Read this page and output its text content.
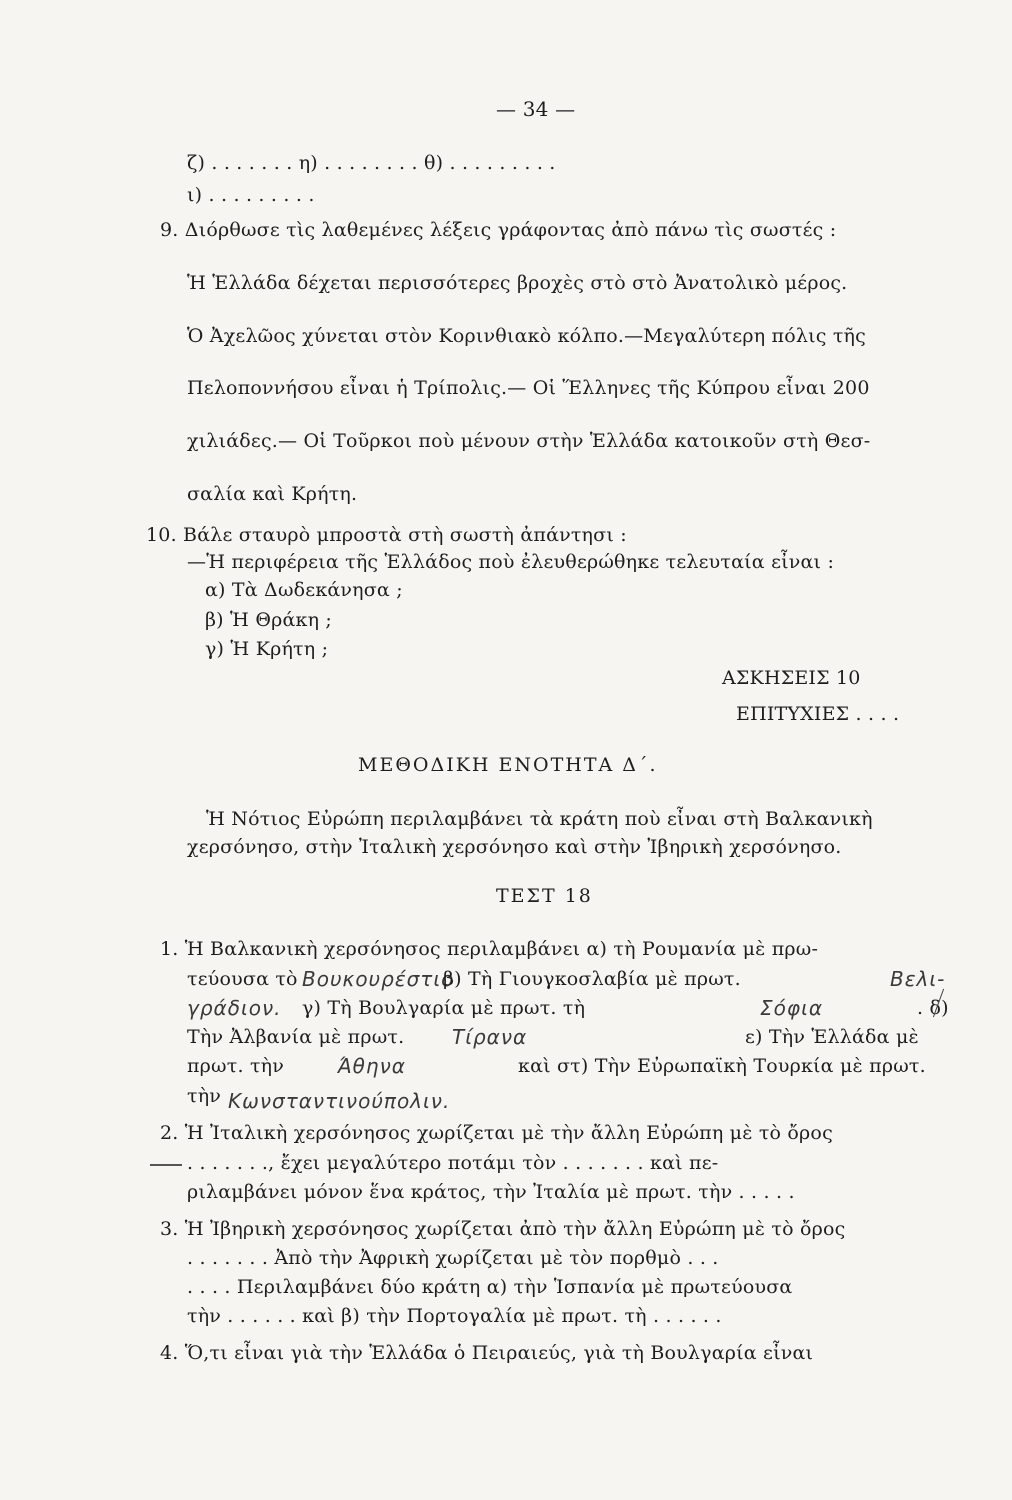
— 34 —
ζ) . . . . . . . η) . . . . . . . . θ) . . . . . . . . .
ι) . . . . . . . . .
9. Διόρθωσε τὶς λαθεμένες λέξεις γράφοντας ἀπὸ πάνω τὶς σωστές :
Ἡ Ἑλλάδα δέχεται περισσότερες βροχὲς στὸ στὸ Ἀνατολικὸ μέρος.
Ὁ Ἀχελῶος χύνεται στὸν Κορινθιακὸ κόλπο.—Μεγαλύτερη πόλις τῆς
Πελοποννήσου εἶναι ἡ Τρίπολις.— Οἱ Ἕλληνες τῆς Κύπρου εἶναι 200
χιλιάδες.— Οἱ Τοῦρκοι ποὺ μένουν στὴν Ἑλλάδα κατοικοῦν στὴ Θεσ-
σαλία καὶ Κρήτη.
10. Βάλε σταυρὸ μπροστὰ στὴ σωστὴ ἀπάντησι :
—Ἡ περιφέρεια τῆς Ἑλλάδος ποὺ ἐλευθερώθηκε τελευταία εἶναι :
α) Τὰ Δωδεκάνησα ;
β) Ἡ Θράκη ;
γ) Ἡ Κρήτη ;
ΑΣΚΗΣΕΙΣ 10
ΕΠΙΤΥΧΙΕΣ . . . .
ΜΕΘΟΔΙΚΗ ΕΝΟΤΗΤΑ Δ΄.
Ἡ Νότιος Εὐρώπη περιλαμβάνει τὰ κράτη ποὺ εἶναι στὴ Βαλκανικὴ
χερσόνησο, στὴν Ἰταλικὴ χερσόνησο καὶ στὴν Ἰβηρικὴ χερσόνησο.
ΤΕΣΤ 18
1. Ἡ Βαλκανικὴ χερσόνησος περιλαμβάνει α) τὴ Ρουμανία μὲ πρω-
τεύουσα τὸ Βουκουρέστιο
β) Τὴ Γιουγκοσλαβία μὲ πρωτ.	Βελι-
γράδιον. γ) Τὴ Βουλγαρία μὲ πρωτ. τὴ	Σόφια	. δ)
Τὴν Ἀλβανία μὲ πρωτ. Τίρανα	ε) Τὴν Ἑλλάδα μὲ
πρωτ. τὴν	Άθηνα	καὶ στ) Τὴν Εὐρωπαϊκὴ Τουρκία μὲ πρωτ.
τὴν Κωνσταντινούπολιν.
2. Ἡ Ἰταλικὴ χερσόνησος χωρίζεται μὲ τὴν ἄλλη Εὐρώπη μὲ τὸ ὄρος
. . . . . . ., ἔχει μεγαλύτερο ποτάμι τὸν . . . . . . . καὶ πε-
ριλαμβάνει μόνον ἕνα κράτος, τὴν Ἰταλία μὲ πρωτ. τὴν . . . . .
3. Ἡ Ἰβηρικὴ χερσόνησος χωρίζεται ἀπὸ τὴν ἄλλη Εὐρώπη μὲ τὸ ὄρος
. . . . . . . Ἀπὸ τὴν Ἀφρικὴ χωρίζεται μὲ τὸν πορθμὸ . . .
. . . . Περιλαμβάνει δύο κράτη α) τὴν Ἱσπανία μὲ πρωτεύουσα
τὴν . . . . . . καὶ β) τὴν Πορτογαλία μὲ πρωτ. τὴ . . . . . .
4. Ὅ,τι εἶναι γιὰ τὴν Ἑλλάδα ὁ Πειραιεύς, γιὰ τὴ Βουλγαρία εἶναι
